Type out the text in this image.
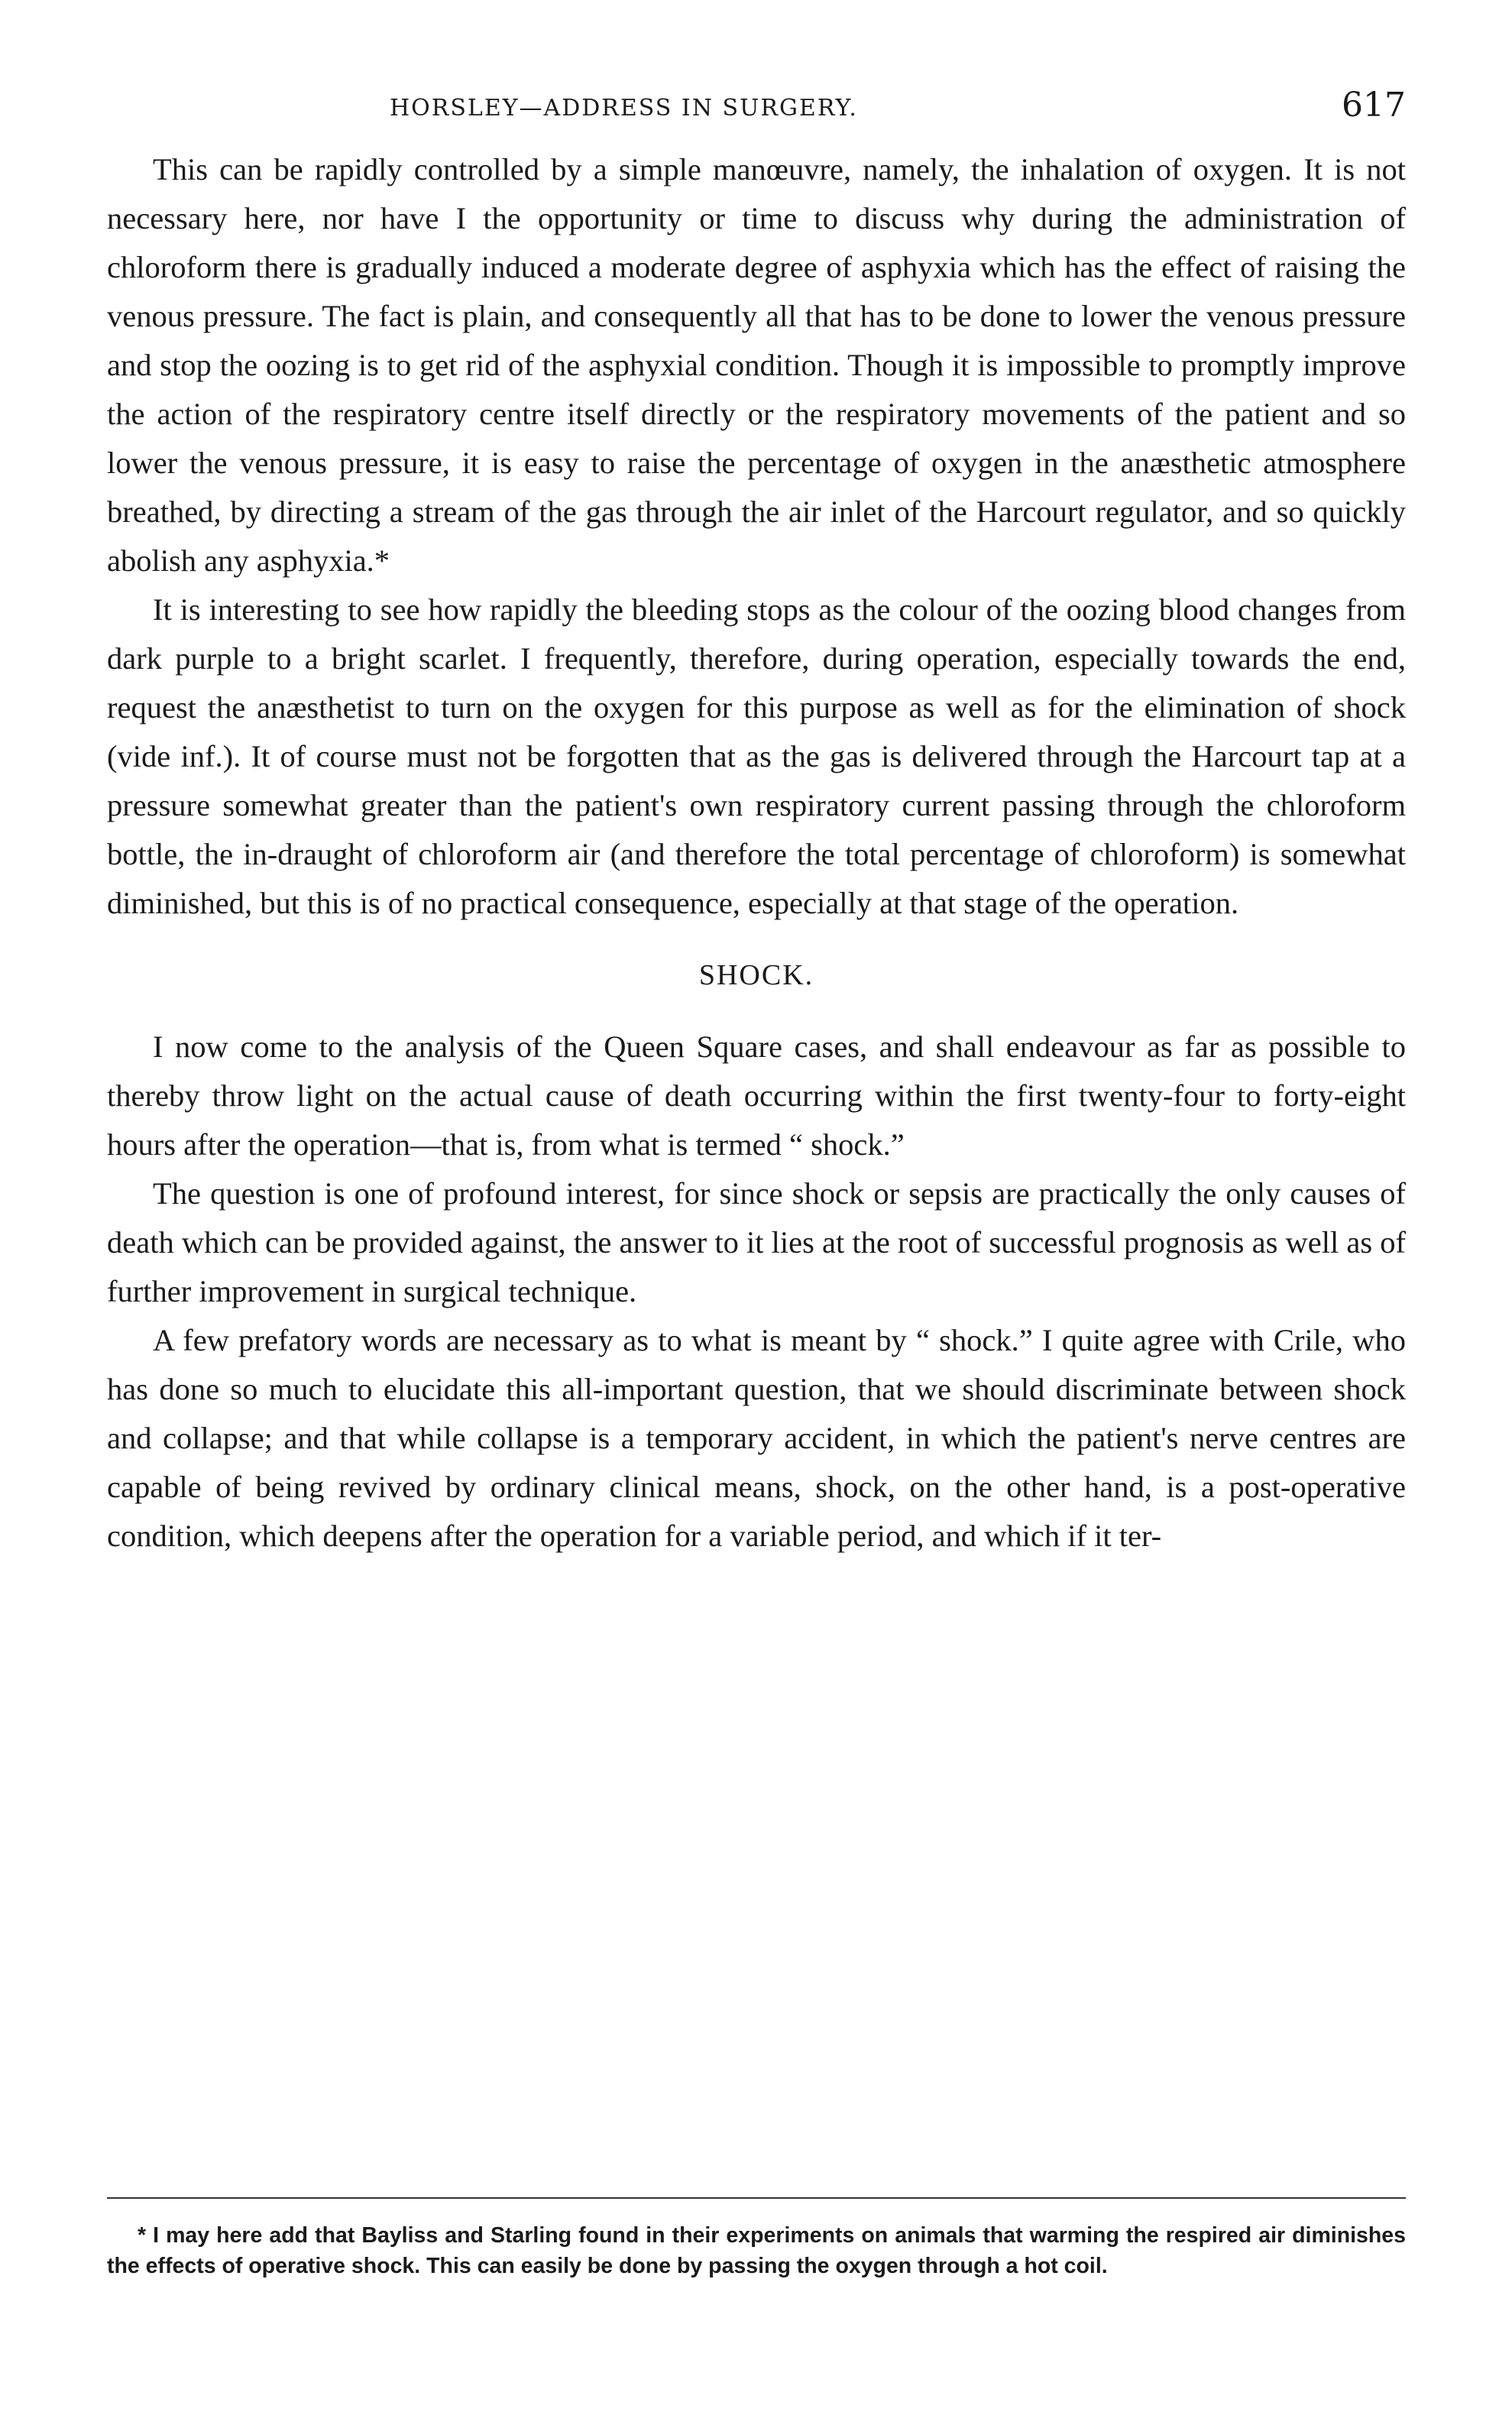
HORSLEY—ADDRESS IN SURGERY.	617

This can be rapidly controlled by a simple manœuvre, namely, the inhalation of oxygen. It is not necessary here, nor have I the opportunity or time to discuss why during the administration of chloroform there is gradually induced a moderate degree of asphyxia which has the effect of raising the venous pressure. The fact is plain, and consequently all that has to be done to lower the venous pressure and stop the oozing is to get rid of the asphyxial condition. Though it is impossible to promptly improve the action of the respiratory centre itself directly or the respiratory movements of the patient and so lower the venous pressure, it is easy to raise the percentage of oxygen in the anæsthetic atmosphere breathed, by directing a stream of the gas through the air inlet of the Harcourt regulator, and so quickly abolish any asphyxia.*

It is interesting to see how rapidly the bleeding stops as the colour of the oozing blood changes from dark purple to a bright scarlet. I frequently, therefore, during operation, especially towards the end, request the anæsthetist to turn on the oxygen for this purpose as well as for the elimination of shock (vide inf.). It of course must not be forgotten that as the gas is delivered through the Harcourt tap at a pressure somewhat greater than the patient's own respiratory current passing through the chloroform bottle, the in-draught of chloroform air (and therefore the total percentage of chloroform) is somewhat diminished, but this is of no practical consequence, especially at that stage of the operation.

SHOCK.

I now come to the analysis of the Queen Square cases, and shall endeavour as far as possible to thereby throw light on the actual cause of death occurring within the first twenty-four to forty-eight hours after the operation—that is, from what is termed “ shock.”

The question is one of profound interest, for since shock or sepsis are practically the only causes of death which can be provided against, the answer to it lies at the root of successful prognosis as well as of further improvement in surgical technique.

A few prefatory words are necessary as to what is meant by “ shock.” I quite agree with Crile, who has done so much to elucidate this all-important question, that we should discriminate between shock and collapse; and that while collapse is a temporary accident, in which the patient's nerve centres are capable of being revived by ordinary clinical means, shock, on the other hand, is a post-operative condition, which deepens after the operation for a variable period, and which if it ter-

* I may here add that Bayliss and Starling found in their experiments on animals that warming the respired air diminishes the effects of operative shock. This can easily be done by passing the oxygen through a hot coil.
